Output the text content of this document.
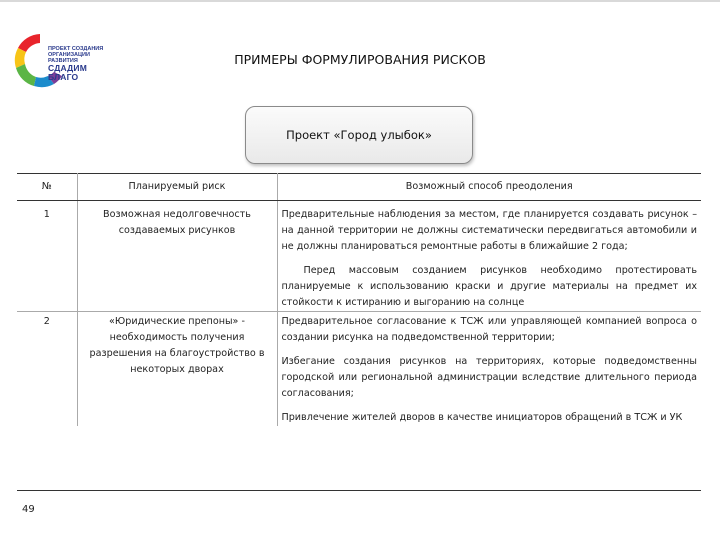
ПРОЕКТ СОЗДАНИЯ
ОРГАНИЗАЦИИ РАЗВИТИЯ
СДАДИМ БЛАГО
ПРИМЕРЫ ФОРМУЛИРОВАНИЯ РИСКОВ
Проект «Город улыбок»
№	Планируемый риск	Возможный способ преодоления
1	Возможная недолговечность создаваемых рисунков	Предварительные наблюдения за местом, где планируется создавать рисунок – на данной территории не должны систематически передвигаться автомобили и не должны планироваться ремонтные работы в ближайшие 2 года;

Перед массовым созданием рисунков необходимо протестировать планируемые к использованию краски и другие материалы на предмет их стойкости к истиранию и выгоранию на солнце

2	«Юридические препоны» - необходимость получения разрешения на благоустройство в некоторых дворах	Предварительное согласование к ТСЖ или управляющей компанией вопроса о создании рисунка на подведомственной территории;

Избегание создания рисунков на территориях, которые подведомственны городской или региональной администрации вследствие длительного периода согласования;

Привлечение жителей дворов в качестве инициаторов обращений в ТСЖ и УК

49
